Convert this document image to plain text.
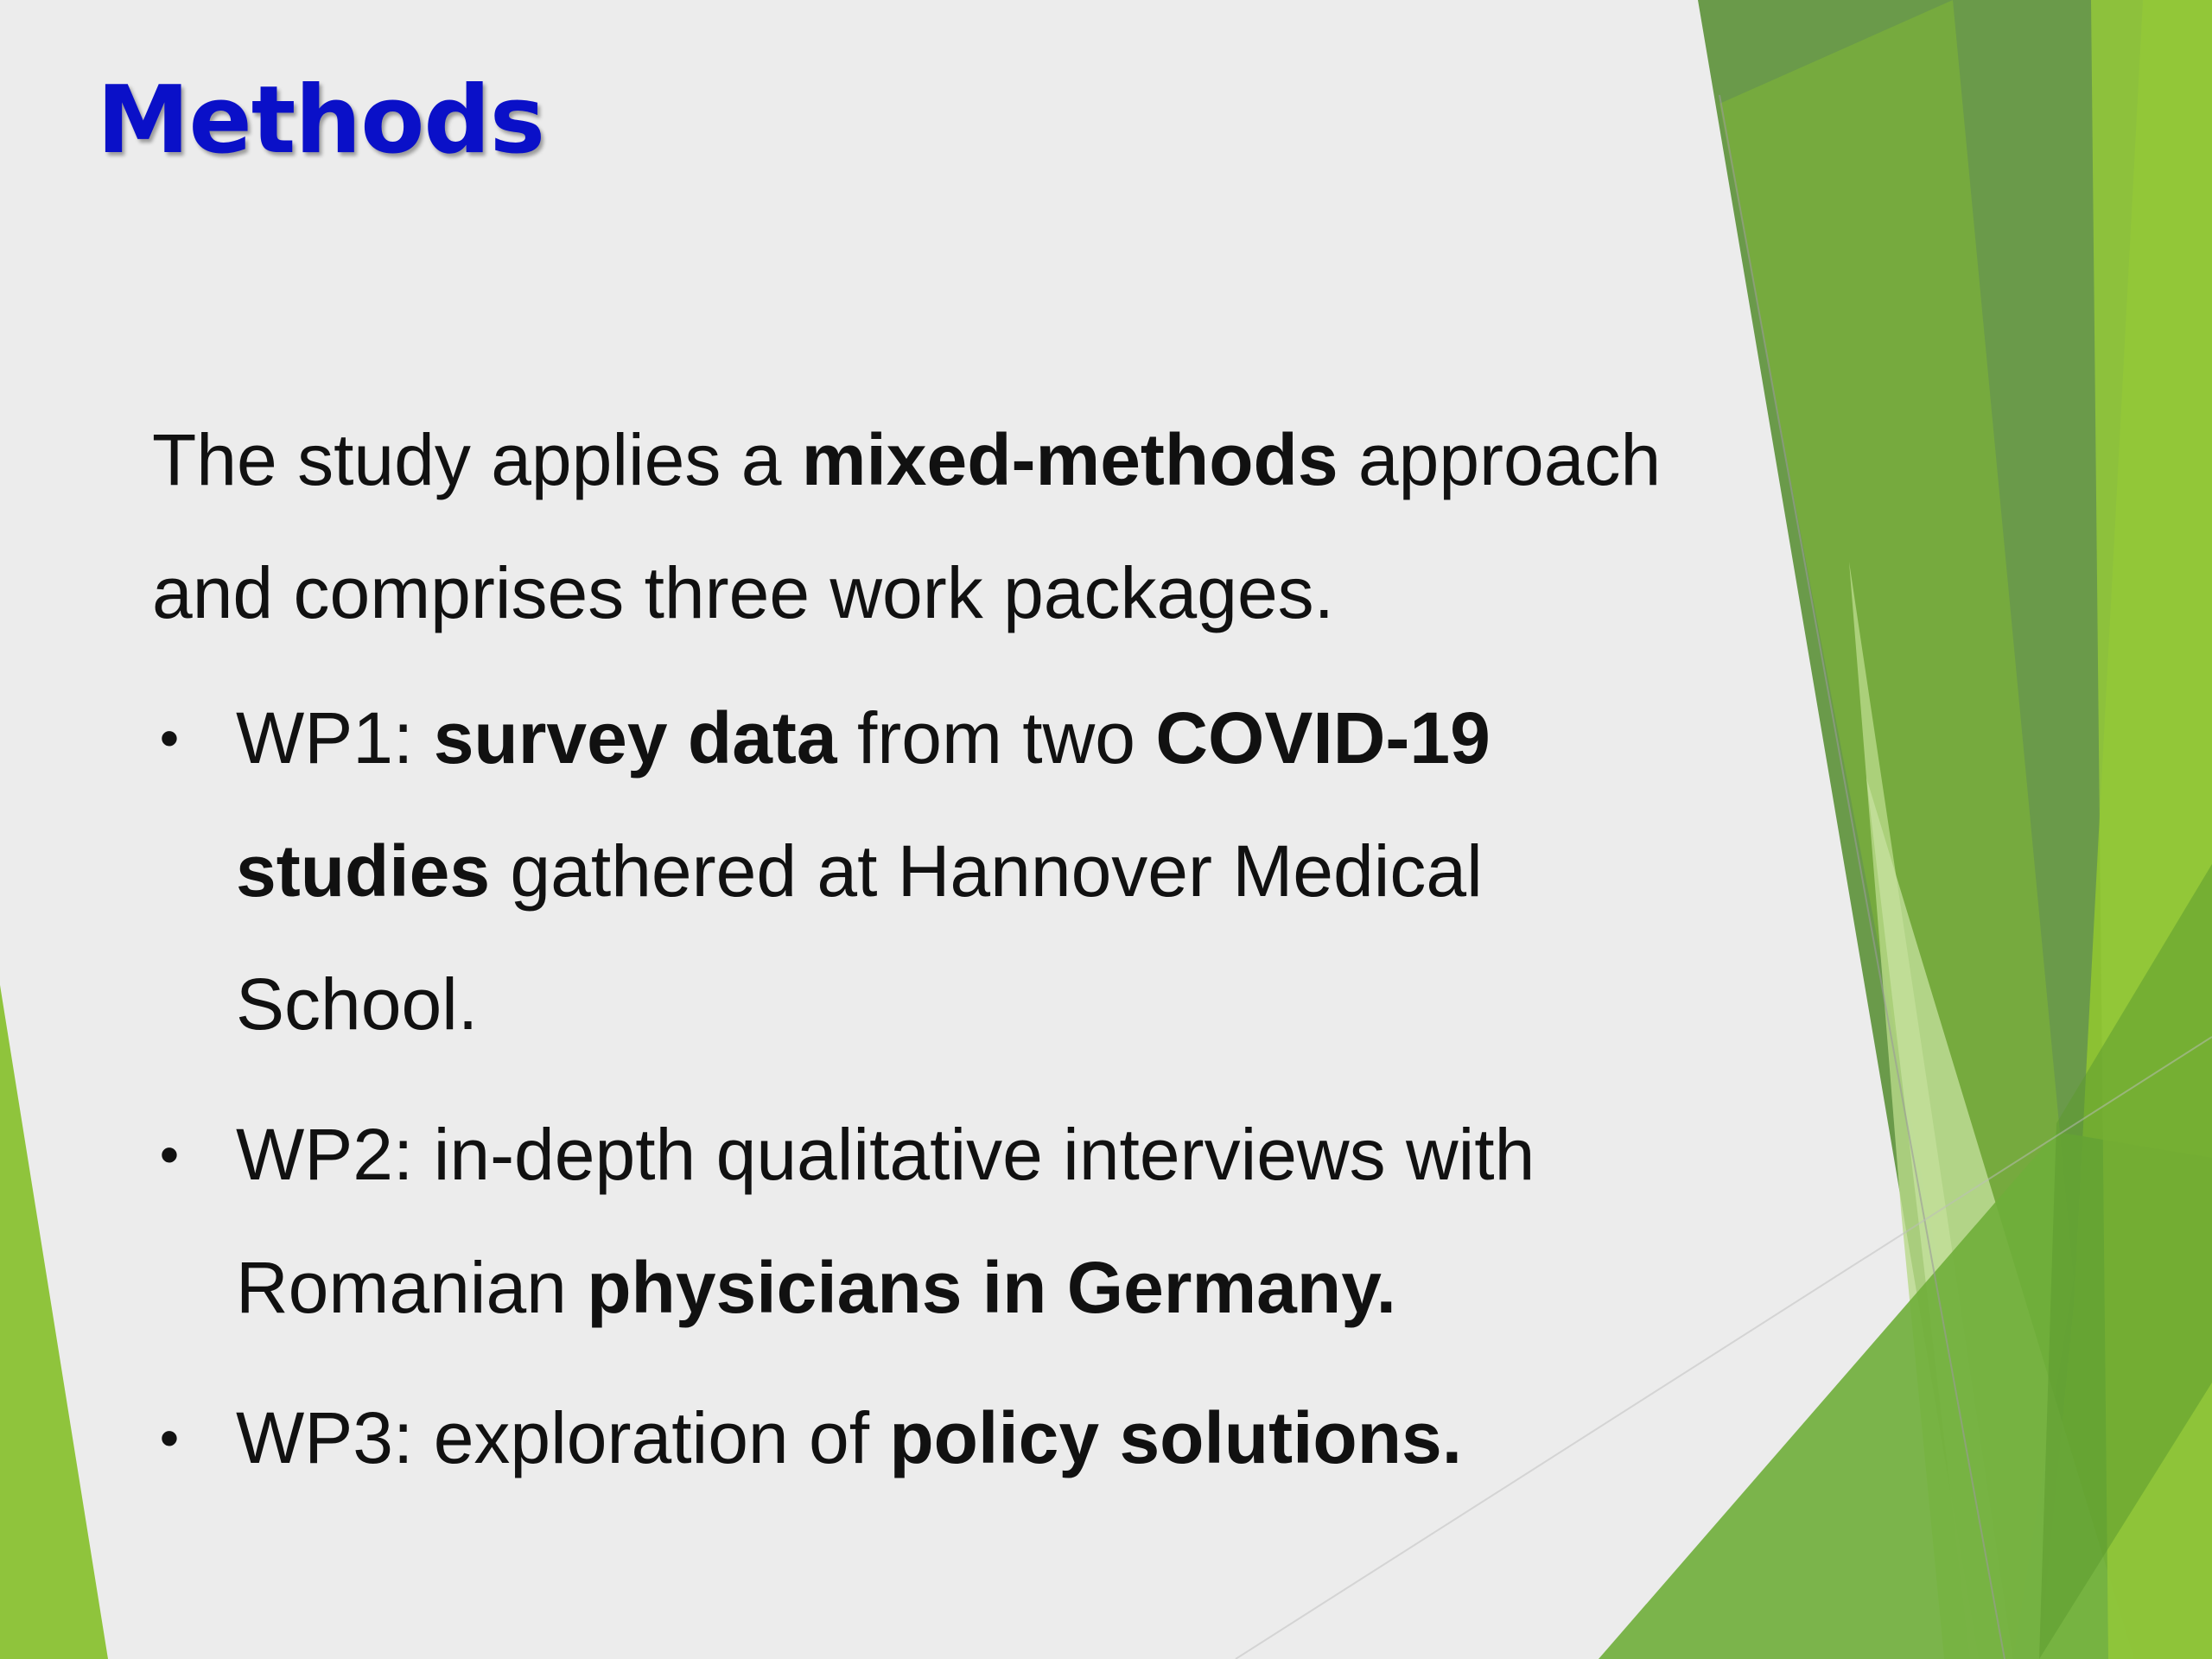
Methods

The study applies a mixed-methods approach and comprises three work packages.

• WP1: survey data from two COVID-19 studies gathered at Hannover Medical School.
• WP2: in-depth qualitative interviews with Romanian physicians in Germany.
• WP3: exploration of policy solutions.
